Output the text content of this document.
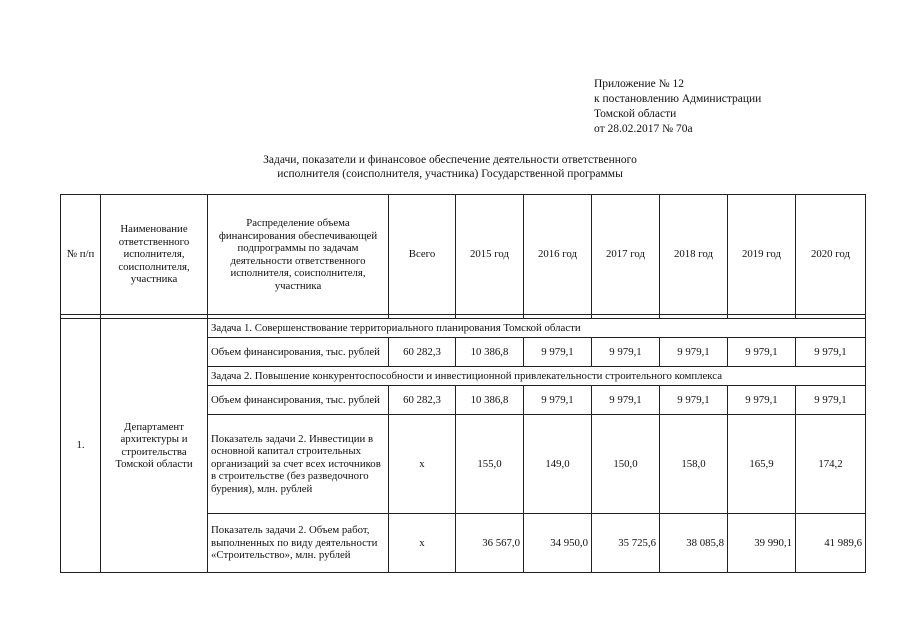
Приложение № 12
к постановлению Администрации
Томской области
от 28.02.2017 № 70а
Задачи, показатели и финансовое обеспечение деятельности ответственного
исполнителя (соисполнителя, участника) Государственной программы
№ п/п	Наименование ответственного исполнителя, соисполнителя, участника	Распределение объема финансирования обеспечивающей подпрограммы по задачам деятельности ответственного исполнителя, соисполнителя, участника	Всего	2015 год	2016 год	2017 год	2018 год	2019 год	2020 год

1.	Департамент архитектуры и строительства Томской области	Задача 1. Совершенствование территориального планирования Томской области							
		Объем финансирования, тыс. рублей	60 282,3	10 386,8	9 979,1	9 979,1	9 979,1	9 979,1	9 979,1
		Задача 2. Повышение конкурентоспособности и инвестиционной привлекательности строительного комплекса							
		Объем финансирования, тыс. рублей	60 282,3	10 386,8	9 979,1	9 979,1	9 979,1	9 979,1	9 979,1
		Показатель задачи 2. Инвестиции в основной капитал строительных организаций за счет всех источников в строительстве (без разведочного бурения), млн. рублей	х	155,0	149,0	150,0	158,0	165,9	174,2
		Показатель задачи 2. Объем работ, выполненных по виду деятельности «Строительство», млн. рублей	х	36 567,0	34 950,0	35 725,6	38 085,8	39 990,1	41 989,6
